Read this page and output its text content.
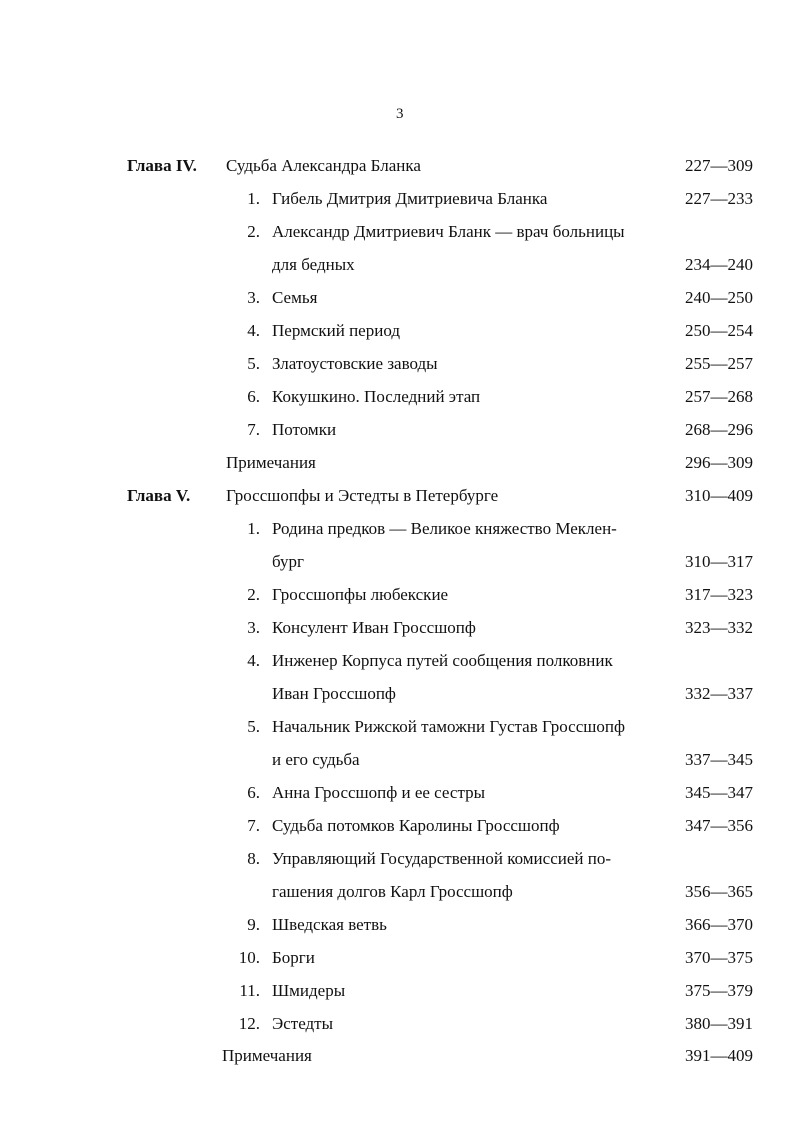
3
Глава IV. Судьба Александра Бланка	227—309
1. Гибель Дмитрия Дмитриевича Бланка	227—233
2. Александр Дмитриевич Бланк — врач больницы
для бедных	234—240
3. Семья	240—250
4. Пермский период	250—254
5. Златоустовские заводы	255—257
6. Кокушкино. Последний этап	257—268
7. Потомки	268—296
Примечания	296—309
Глава V. Гроссшопфы и Эстедты в Петербурге	310—409
1. Родина предков — Великое княжество Меклен-
бург	310—317
2. Гроссшопфы любекские	317—323
3. Консулент Иван Гроссшопф	323—332
4. Инженер Корпуса путей сообщения полковник
Иван Гроссшопф	332—337
5. Начальник Рижской таможни Густав Гроссшопф
и его судьба	337—345
6. Анна Гроссшопф и ее сестры	345—347
7. Судьба потомков Каролины Гроссшопф	347—356
8. Управляющий Государственной комиссией по-
гашения долгов Карл Гроссшопф	356—365
9. Шведская ветвь	366—370
10. Борги	370—375
11. Шмидеры	375—379
12. Эстедты	380—391
Примечания	391—409
